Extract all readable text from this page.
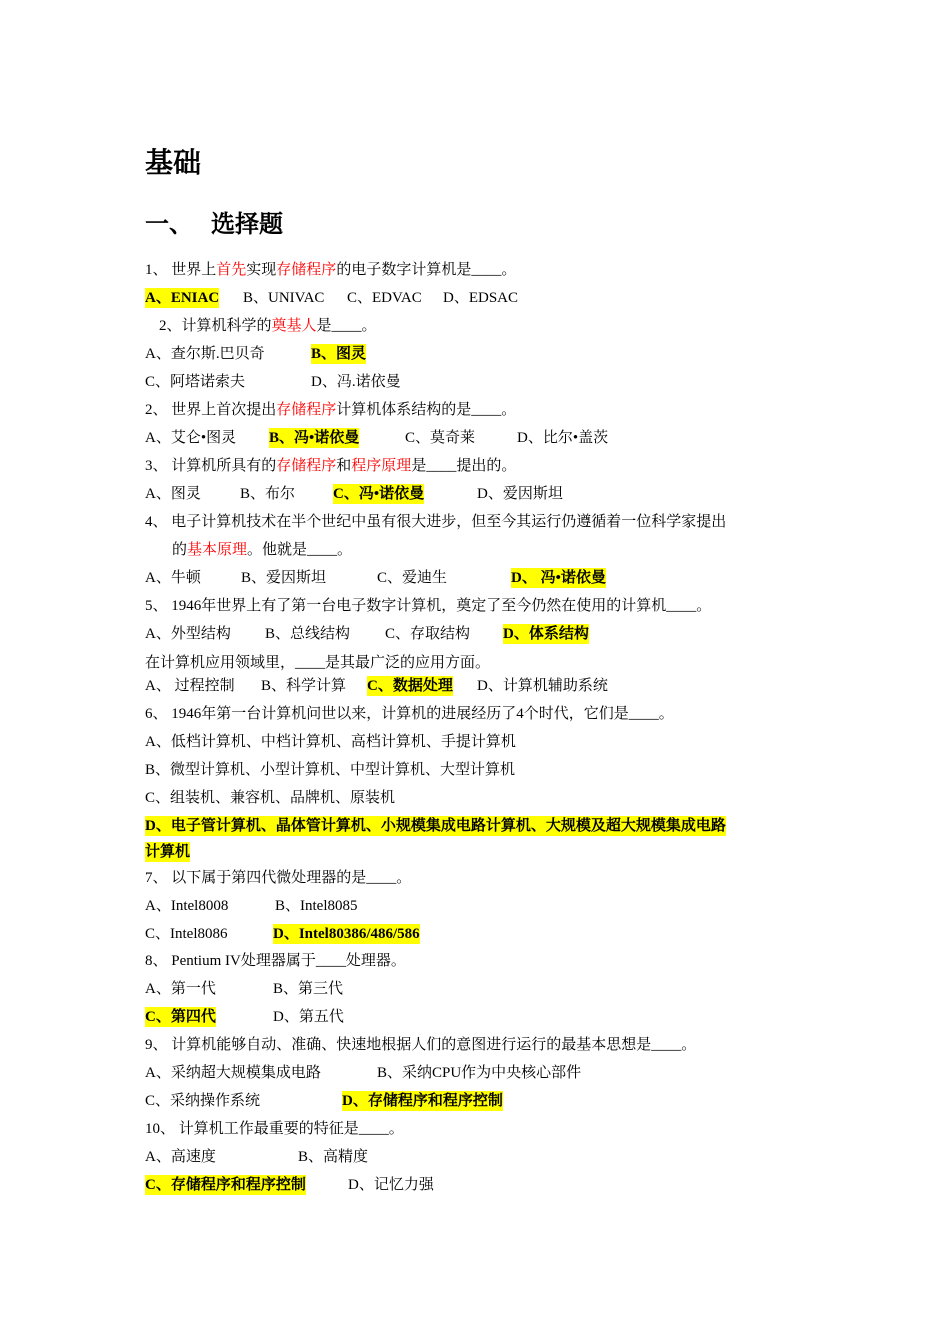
基础
一、 选择题
1、 世界上首先实现存储程序的电子数字计算机是____。
A、ENIAC B、UNIVAC C、EDVAC D、EDSAC
2、计算机科学的奠基人是____。
A、查尔斯.巴贝奇	B、图灵
C、阿塔诺索夫	D、冯.诺依曼
2、 世界上首次提出存储程序计算机体系结构的是____。
A、艾仑•图灵 B、冯•诺依曼	C、莫奇莱	D、比尔•盖茨
3、 计算机所具有的存储程序和程序原理是____提出的。
A、图灵	B、布尔	C、冯•诺依曼	D、爱因斯坦
4、 电子计算机技术在半个世纪中虽有很大进步，但至今其运行仍遵循着一位科学家提出
的基本原理。他就是____。
A、牛顿	B、爱因斯坦	C、爱迪生	D、 冯•诺依曼
5、 1946年世界上有了第一台电子数字计算机，奠定了至今仍然在使用的计算机____。
A、外型结构 B、总线结构 C、存取结构 D、体系结构
在计算机应用领域里，____是其最广泛的应用方面。
A、 过程控制 B、科学计算 C、数据处理 D、计算机辅助系统
6、 1946年第一台计算机问世以来，计算机的进展经历了4个时代，它们是____。
A、低档计算机、中档计算机、高档计算机、手提计算机
B、微型计算机、小型计算机、中型计算机、大型计算机
C、组装机、兼容机、品牌机、原装机
D、电子管计算机、晶体管计算机、小规模集成电路计算机、大规模及超大规模集成电路
计算机
7、 以下属于第四代微处理器的是____。
A、Intel8008	B、Intel8085
C、Intel8086	D、Intel80386/486/586
8、 Pentium IV处理器属于____处理器。
A、第一代	B、第三代
C、第四代	D、第五代
9、 计算机能够自动、准确、快速地根据人们的意图进行运行的最基本思想是____。
A、采纳超大规模集成电路	B、采纳CPU作为中央核心部件
C、采纳操作系统	D、存储程序和程序控制
10、 计算机工作最重要的特征是____。
A、高速度	B、高精度
C、存储程序和程序控制	D、记忆力强
